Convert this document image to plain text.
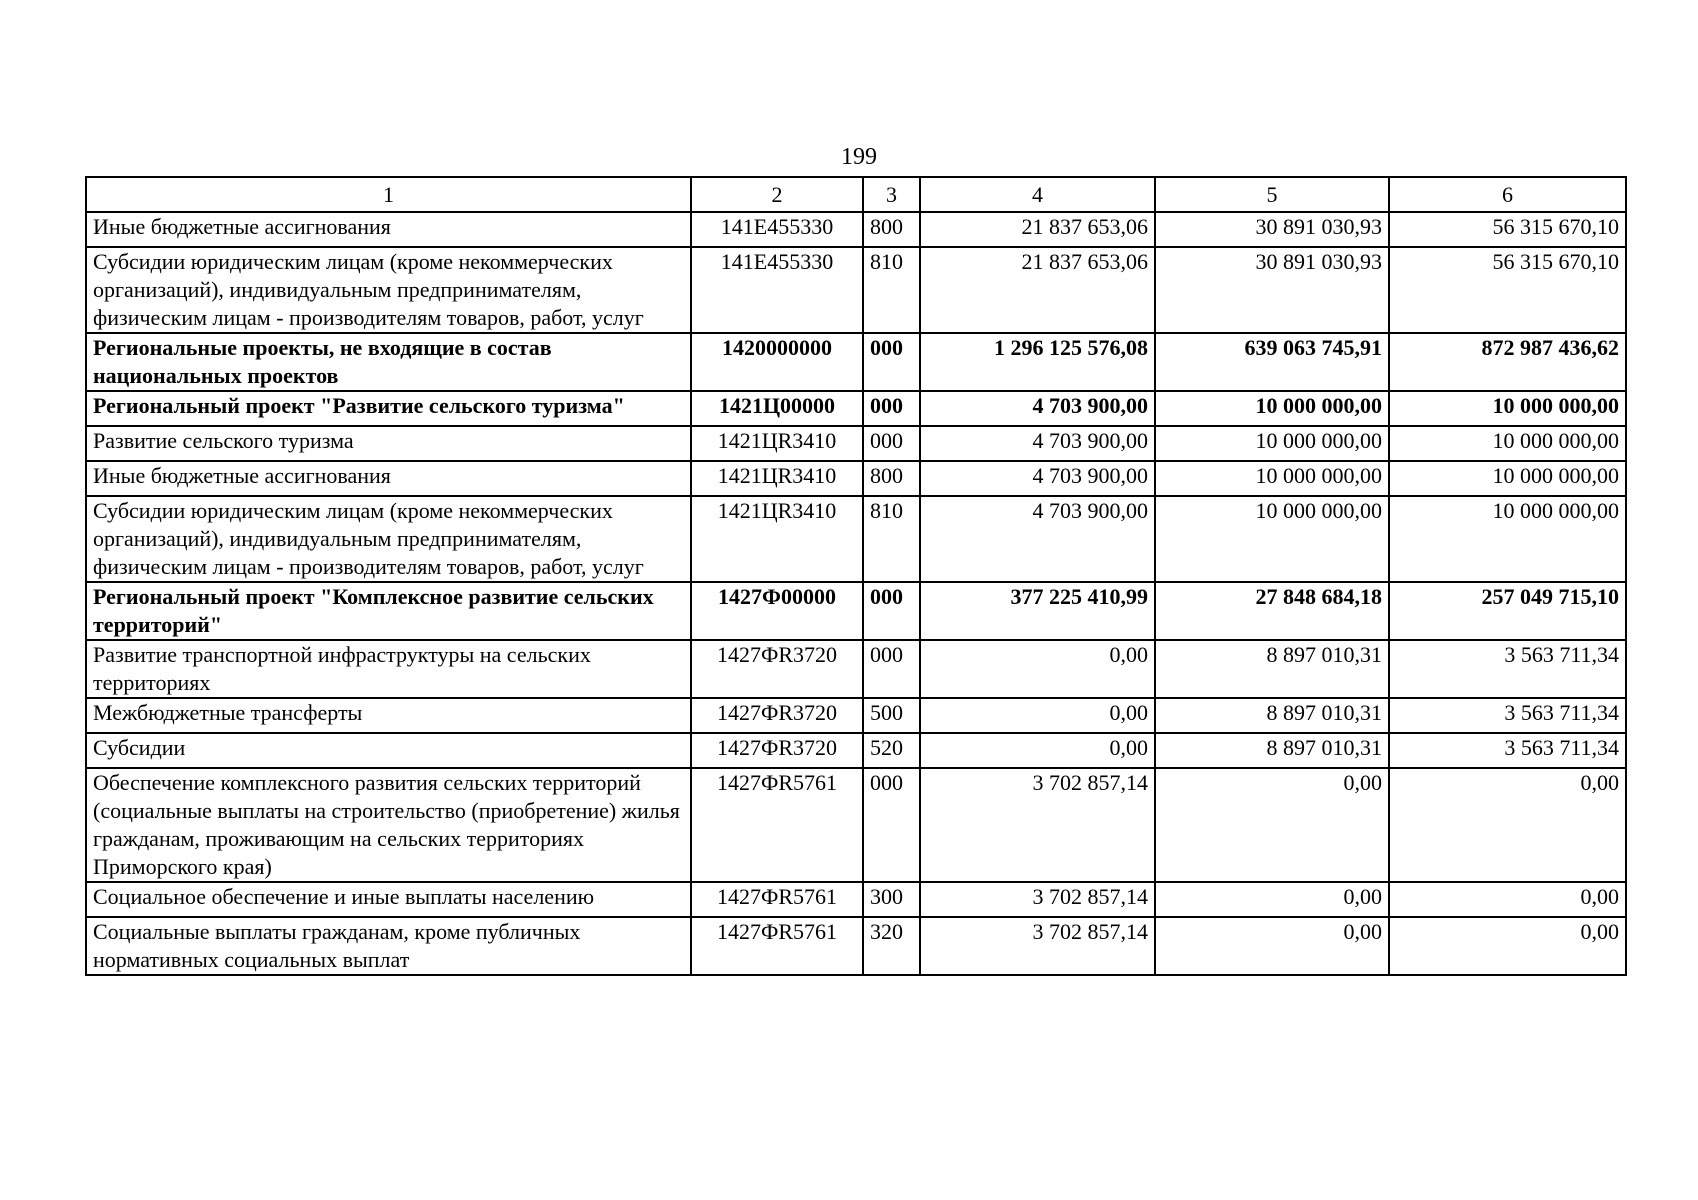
199
1	2	3	4	5	6
Иные бюджетные ассигнования	141Е455330	800	21 837 653,06	30 891 030,93	56 315 670,10
Субсидии юридическим лицам (кроме некоммерческих организаций), индивидуальным предпринимателям, физическим лицам - производителям товаров, работ, услуг	141Е455330	810	21 837 653,06	30 891 030,93	56 315 670,10
Региональные проекты, не входящие в состав национальных проектов	1420000000	000	1 296 125 576,08	639 063 745,91	872 987 436,62
Региональный проект "Развитие сельского туризма"	1421Ц00000	000	4 703 900,00	10 000 000,00	10 000 000,00
Развитие сельского туризма	1421ЦR3410	000	4 703 900,00	10 000 000,00	10 000 000,00
Иные бюджетные ассигнования	1421ЦR3410	800	4 703 900,00	10 000 000,00	10 000 000,00
Субсидии юридическим лицам (кроме некоммерческих организаций), индивидуальным предпринимателям, физическим лицам - производителям товаров, работ, услуг	1421ЦR3410	810	4 703 900,00	10 000 000,00	10 000 000,00
Региональный проект "Комплексное развитие сельских территорий"	1427Ф00000	000	377 225 410,99	27 848 684,18	257 049 715,10
Развитие транспортной инфраструктуры на сельских территориях	1427ФR3720	000	0,00	8 897 010,31	3 563 711,34
Межбюджетные трансферты	1427ФR3720	500	0,00	8 897 010,31	3 563 711,34
Субсидии	1427ФR3720	520	0,00	8 897 010,31	3 563 711,34
Обеспечение комплексного развития сельских территорий (социальные выплаты на строительство (приобретение) жилья гражданам, проживающим на сельских территориях Приморского края)	1427ФR5761	000	3 702 857,14	0,00	0,00
Социальное обеспечение и иные выплаты населению	1427ФR5761	300	3 702 857,14	0,00	0,00
Социальные выплаты гражданам, кроме публичных нормативных социальных выплат	1427ФR5761	320	3 702 857,14	0,00	0,00
